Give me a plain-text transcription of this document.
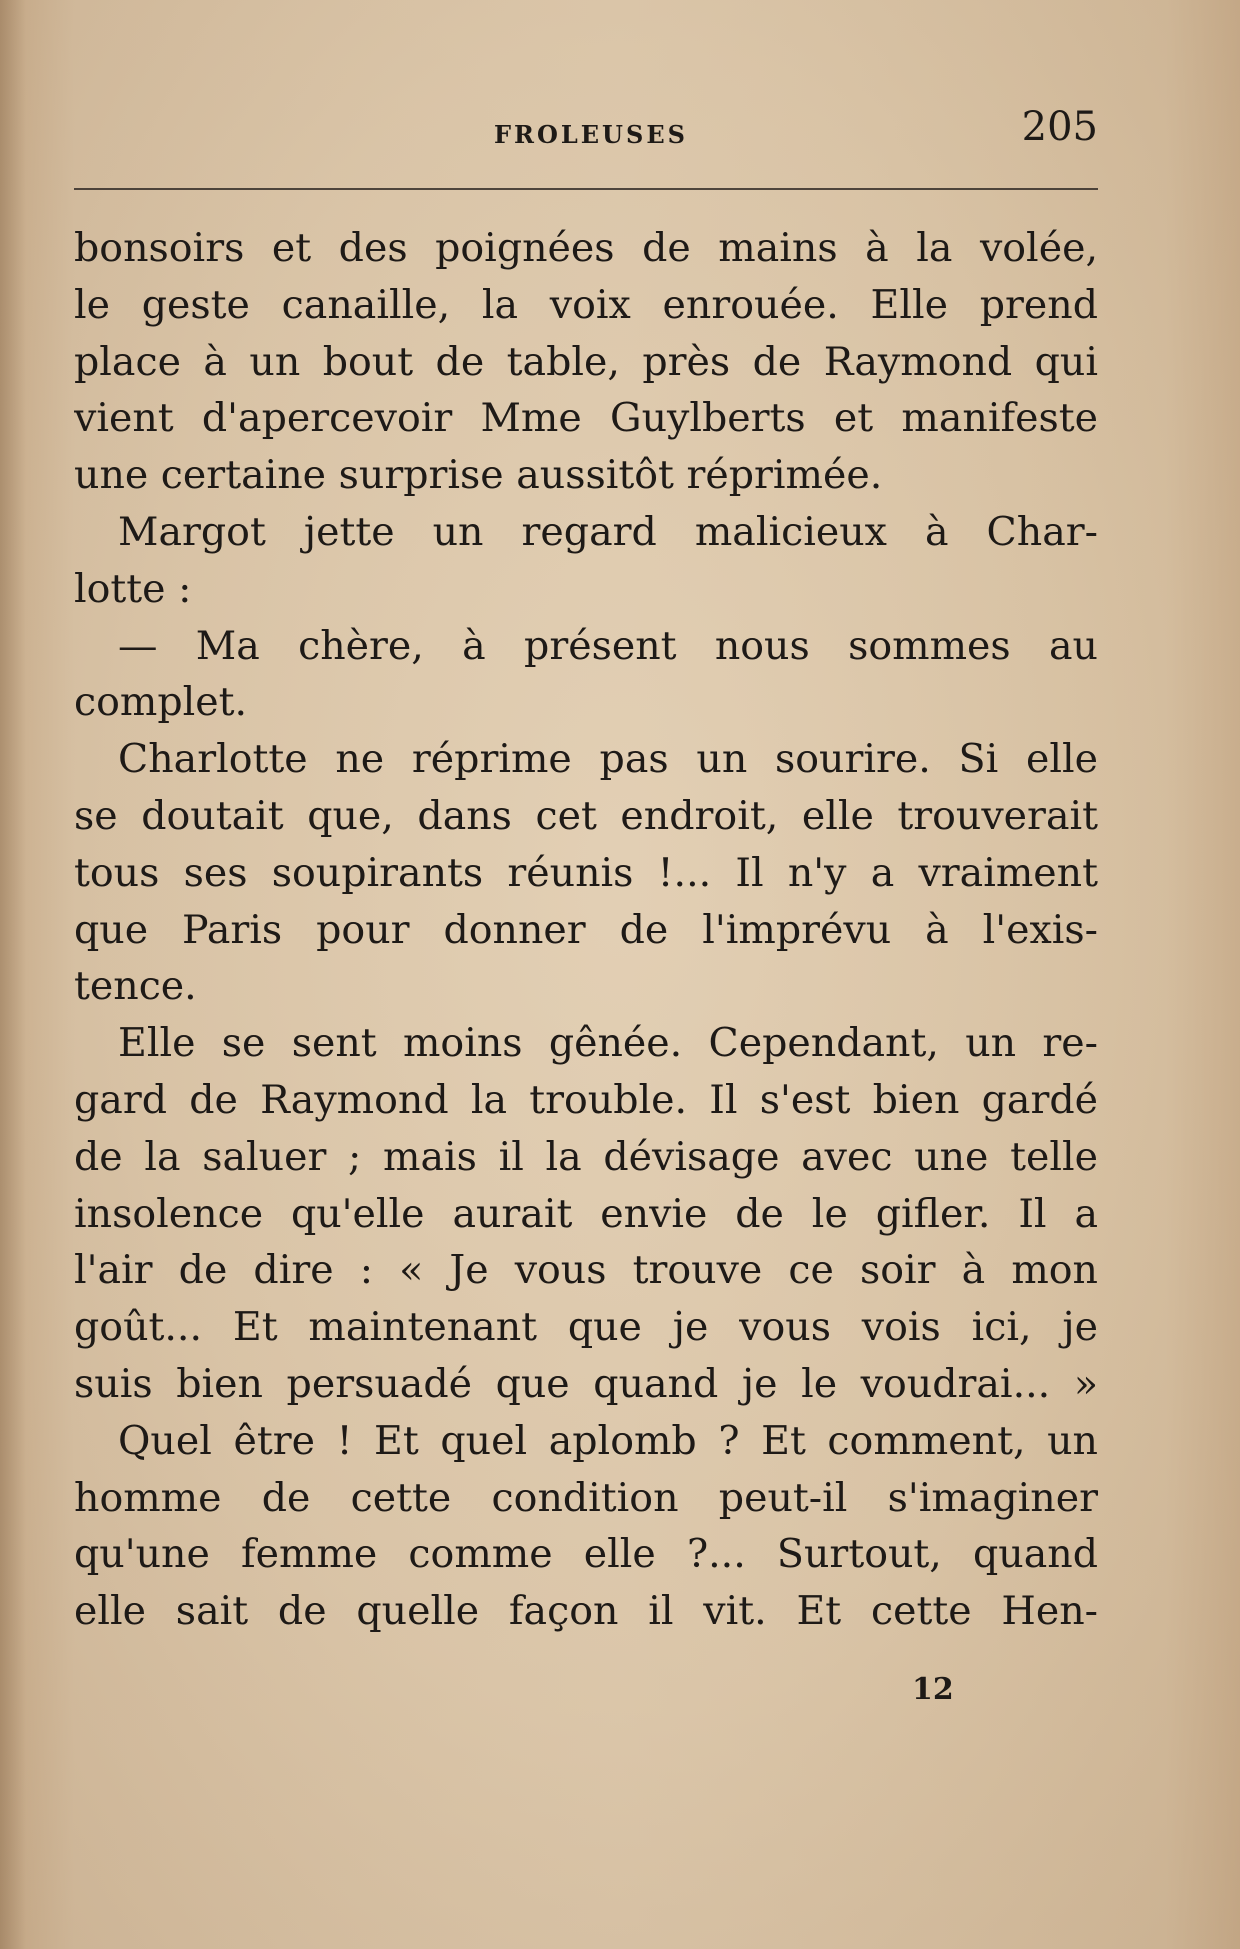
FROLEUSES	205
bonsoirs et des poignées de mains à la volée,
le geste canaille, la voix enrouée. Elle prend
place à un bout de table, près de Raymond qui
vient d'apercevoir Mme Guylberts et manifeste
une certaine surprise aussitôt réprimée.
Margot jette un regard malicieux à Char-
lotte :
— Ma chère, à présent nous sommes au
complet.
Charlotte ne réprime pas un sourire. Si elle
se doutait que, dans cet endroit, elle trouverait
tous ses soupirants réunis !... Il n'y a vraiment
que Paris pour donner de l'imprévu à l'exis-
tence.
Elle se sent moins gênée. Cependant, un re-
gard de Raymond la trouble. Il s'est bien gardé
de la saluer ; mais il la dévisage avec une telle
insolence qu'elle aurait envie de le gifler. Il a
l'air de dire : « Je vous trouve ce soir à mon
goût... Et maintenant que je vous vois ici, je
suis bien persuadé que quand je le voudrai... »
Quel être ! Et quel aplomb ? Et comment, un
homme de cette condition peut-il s'imaginer
qu'une femme comme elle ?... Surtout, quand
elle sait de quelle façon il vit. Et cette Hen-
12
